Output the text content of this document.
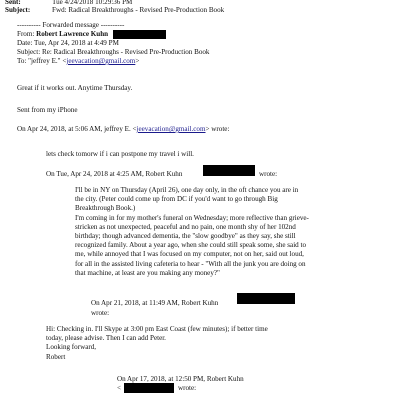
Sent:	Tue 4/24/2018 10:29:36 PM
Subject:	Fwd: Radical Breakthroughs - Revised Pre-Production Book
---------- Forwarded message ----------
From: Robert Lawrence Kuhn
Date: Tue, Apr 24, 2018 at 4:49 PM
Subject: Re: Radical Breakthroughs - Revised Pre-Production Book
To: "jeffrey E." <jeevacation@gmail.com>
Great if it works out. Anytime Thursday.
Sent from my iPhone
On Apr 24, 2018, at 5:06 AM, jeffrey E. <jeevacation@gmail.com> wrote:
lets check tomorw if i can postpone my travel i will.
On Tue, Apr 24, 2018 at 4:25 AM, Robert Kuhn	wrote:
I'll be in NY on Thursday (April 26), one day only, in the oft chance you are in
the city. (Peter could come up from DC if you'd want to go through Big
Breakthrough Book.)
I'm coming in for my mother's funeral on Wednesday; more reflective than grieve-
stricken as not unexpected, peaceful and no pain, one month shy of her 102nd
birthday; though advanced dementia, the "slow goodbye" as they say, she still
recognized family. About a year ago, when she could still speak some, she said to
me, while annoyed that I was focused on my computer, not on her, said out loud,
for all in the assisted living cafeteria to hear - "With all the junk you are doing on
that machine, at least are you making any money?"
On Apr 21, 2018, at 11:49 AM, Robert Kuhn
wrote:
Hi: Checking in. I'll Skype at 3:00 pm East Coast (few minutes); if better time
today, please advise. Then I can add Peter.
Looking forward,
Robert
On Apr 17, 2018, at 12:50 PM, Robert Kuhn
<	wrote:
